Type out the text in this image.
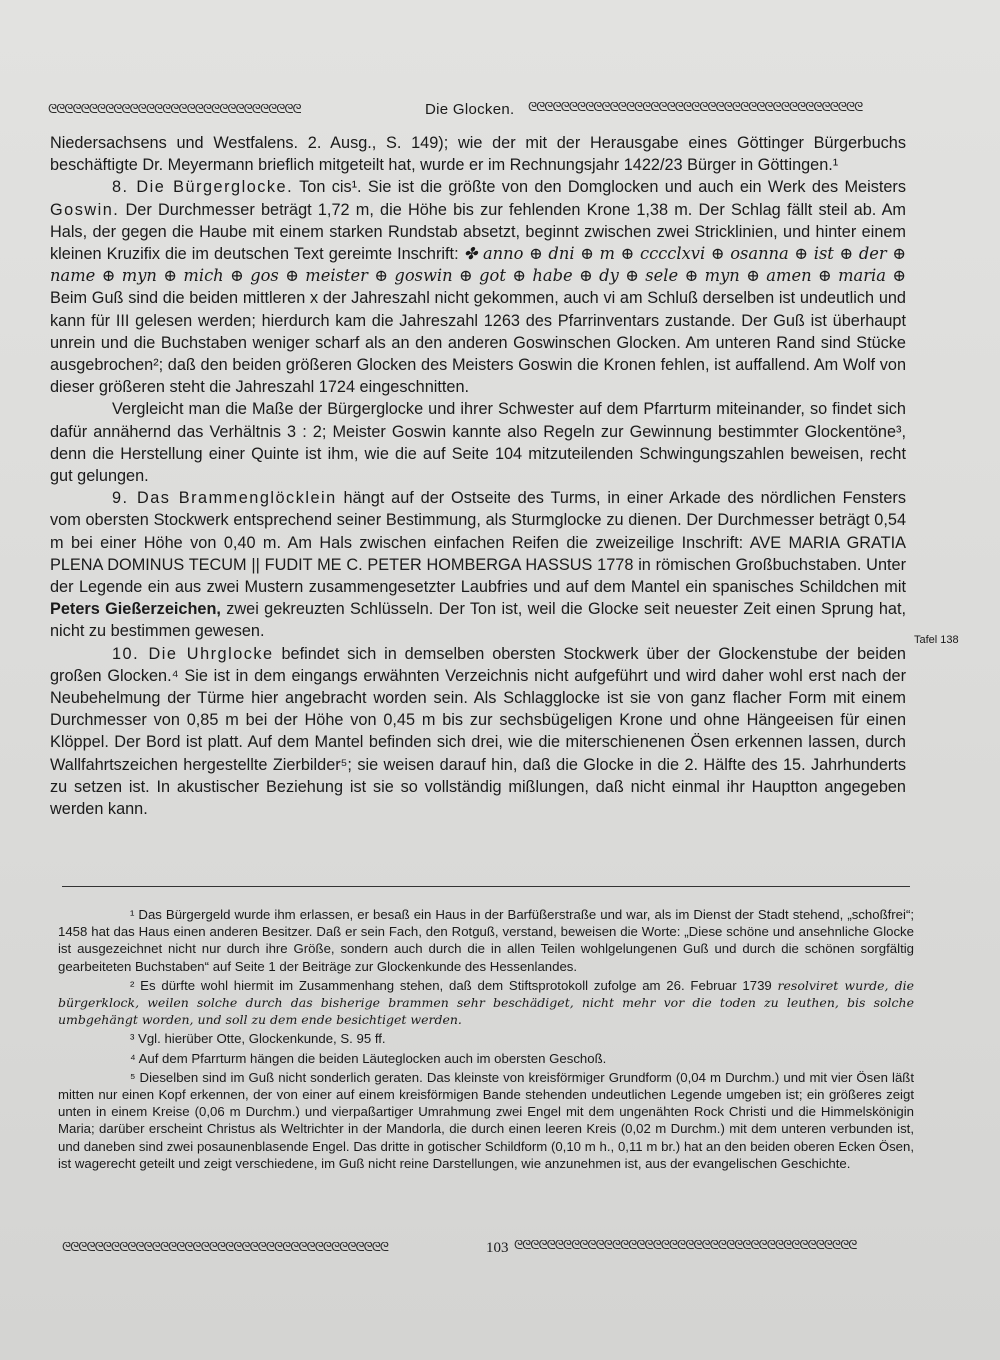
ᘓᘓᘓᘓᘓᘓᘓᘓᘓᘓᘓᘓᘓᘓᘓᘓᘓᘓᘓᘓᘓᘓᘓᘓᘓᘓᘓᘓᘓᘓᘓ	Die Glocken. ᘓᘓᘓᘓᘓᘓᘓᘓᘓᘓᘓᘓᘓᘓᘓᘓᘓᘓᘓᘓᘓᘓᘓᘓᘓᘓᘓᘓᘓᘓᘓᘓᘓᘓᘓᘓᘓᘓᘓᘓᘓ

Niedersachsens und Westfalens. 2. Ausg., S. 149); wie der mit der Herausgabe eines Göttinger Bürgerbuchs beschäftigte Dr. Meyermann brieflich mitgeteilt hat, wurde er im Rechnungsjahr 1422/23 Bürger in Göttingen.¹

8. Die Bürgerglocke. Ton cis¹. Sie ist die größte von den Domglocken und auch ein Werk des Meisters Goswin. Der Durchmesser beträgt 1,72 m, die Höhe bis zur fehlenden Krone 1,38 m. Der Schlag fällt steil ab. Am Hals, der gegen die Haube mit einem starken Rundstab absetzt, beginnt zwischen zwei Stricklinien, und hinter einem kleinen Kruzifix die im deutschen Text gereimte Inschrift: ✤ anno ⊕ dni ⊕ m ⊕ cccclxvi ⊕ osanna ⊕ ist ⊕ der ⊕ name ⊕ myn ⊕ mich ⊕ gos ⊕ meister ⊕ goswin ⊕ got ⊕ habe ⊕ dy ⊕ sele ⊕ myn ⊕ amen ⊕ maria ⊕ Beim Guß sind die beiden mittleren x der Jahreszahl nicht gekommen, auch vi am Schluß derselben ist undeutlich und kann für III gelesen werden; hierdurch kam die Jahreszahl 1263 des Pfarrinventars zustande. Der Guß ist überhaupt unrein und die Buchstaben weniger scharf als an den anderen Goswinschen Glocken. Am unteren Rand sind Stücke ausgebrochen²; daß den beiden größeren Glocken des Meisters Goswin die Kronen fehlen, ist auffallend. Am Wolf von dieser größeren steht die Jahreszahl 1724 eingeschnitten.

Vergleicht man die Maße der Bürgerglocke und ihrer Schwester auf dem Pfarrturm miteinander, so findet sich dafür annähernd das Verhältnis 3 : 2; Meister Goswin kannte also Regeln zur Gewinnung bestimmter Glockentöne³, denn die Herstellung einer Quinte ist ihm, wie die auf Seite 104 mitzuteilenden Schwingungszahlen beweisen, recht gut gelungen.

9. Das Brammenglöcklein hängt auf der Ostseite des Turms, in einer Arkade des nördlichen Fensters vom obersten Stockwerk entsprechend seiner Bestimmung, als Sturmglocke zu dienen. Der Durchmesser beträgt 0,54 m bei einer Höhe von 0,40 m. Am Hals zwischen einfachen Reifen die zweizeilige Inschrift: AVE MARIA GRATIA PLENA DOMINUS TECUM || FUDIT ME C. PETER HOMBERGA HASSUS 1778 in römischen Großbuchstaben. Unter der Legende ein aus zwei Mustern zusammengesetzter Laubfries und auf dem Mantel ein spanisches Schildchen mit Peters Gießerzeichen, zwei gekreuzten Schlüsseln. Der Ton ist, weil die Glocke seit neuester Zeit einen Sprung hat, nicht zu bestimmen gewesen.

10. Die Uhrglocke befindet sich in demselben obersten Stockwerk über der Glockenstube der beiden großen Glocken.⁴ Sie ist in dem eingangs erwähnten Verzeichnis nicht aufgeführt und wird daher wohl erst nach der Neubehelmung der Türme hier angebracht worden sein. Als Schlagglocke ist sie von ganz flacher Form mit einem Durchmesser von 0,85 m bei der Höhe von 0,45 m bis zur sechsbügeligen Krone und ohne Hängeeisen für einen Klöppel. Der Bord ist platt. Auf dem Mantel befinden sich drei, wie die miterschienenen Ösen erkennen lassen, durch Wallfahrtszeichen hergestellte Zierbilder⁵; sie weisen darauf hin, daß die Glocke in die 2. Hälfte des 15. Jahrhunderts zu setzen ist. In akustischer Beziehung ist sie so vollständig mißlungen, daß nicht einmal ihr Hauptton angegeben werden kann.

Tafel 138

¹ Das Bürgergeld wurde ihm erlassen, er besaß ein Haus in der Barfüßerstraße und war, als im Dienst der Stadt stehend, „schoßfrei“; 1458 hat das Haus einen anderen Besitzer. Daß er sein Fach, den Rotguß, verstand, beweisen die Worte: „Diese schöne und ansehnliche Glocke ist ausgezeichnet nicht nur durch ihre Größe, sondern auch durch die in allen Teilen wohlgelungenen Guß und durch die schönen sorgfältig gearbeiteten Buchstaben“ auf Seite 1 der Beiträge zur Glockenkunde des Hessenlandes.

² Es dürfte wohl hiermit im Zusammenhang stehen, daß dem Stiftsprotokoll zufolge am 26. Februar 1739 resolviret wurde, die bürgerklock, weilen solche durch das bisherige brammen sehr beschädiget, nicht mehr vor die toden zu leuthen, bis solche umbgehängt worden, und soll zu dem ende besichtiget werden.

³ Vgl. hierüber Otte, Glockenkunde, S. 95 ff.

⁴ Auf dem Pfarrturm hängen die beiden Läuteglocken auch im obersten Geschoß.

⁵ Dieselben sind im Guß nicht sonderlich geraten. Das kleinste von kreisförmiger Grundform (0,04 m Durchm.) und mit vier Ösen läßt mitten nur einen Kopf erkennen, der von einer auf einem kreisförmigen Bande stehenden undeutlichen Legende umgeben ist; ein größeres zeigt unten in einem Kreise (0,06 m Durchm.) und vierpaßartiger Umrahmung zwei Engel mit dem ungenähten Rock Christi und die Himmelskönigin Maria; darüber erscheint Christus als Weltrichter in der Mandorla, die durch einen leeren Kreis (0,02 m Durchm.) mit dem unteren verbunden ist, und daneben sind zwei posaunenblasende Engel. Das dritte in gotischer Schildform (0,10 m h., 0,11 m br.) hat an den beiden oberen Ecken Ösen, ist wagerecht geteilt und zeigt verschiedene, im Guß nicht reine Darstellungen, wie anzunehmen ist, aus der evangelischen Geschichte.

ᘓᘓᘓᘓᘓᘓᘓᘓᘓᘓᘓᘓᘓᘓᘓᘓᘓᘓᘓᘓᘓᘓᘓᘓᘓᘓᘓᘓᘓᘓᘓᘓᘓᘓᘓᘓᘓᘓᘓᘓ	103 ᘓᘓᘓᘓᘓᘓᘓᘓᘓᘓᘓᘓᘓᘓᘓᘓᘓᘓᘓᘓᘓᘓᘓᘓᘓᘓᘓᘓᘓᘓᘓᘓᘓᘓᘓᘓᘓᘓᘓᘓᘓᘓ
